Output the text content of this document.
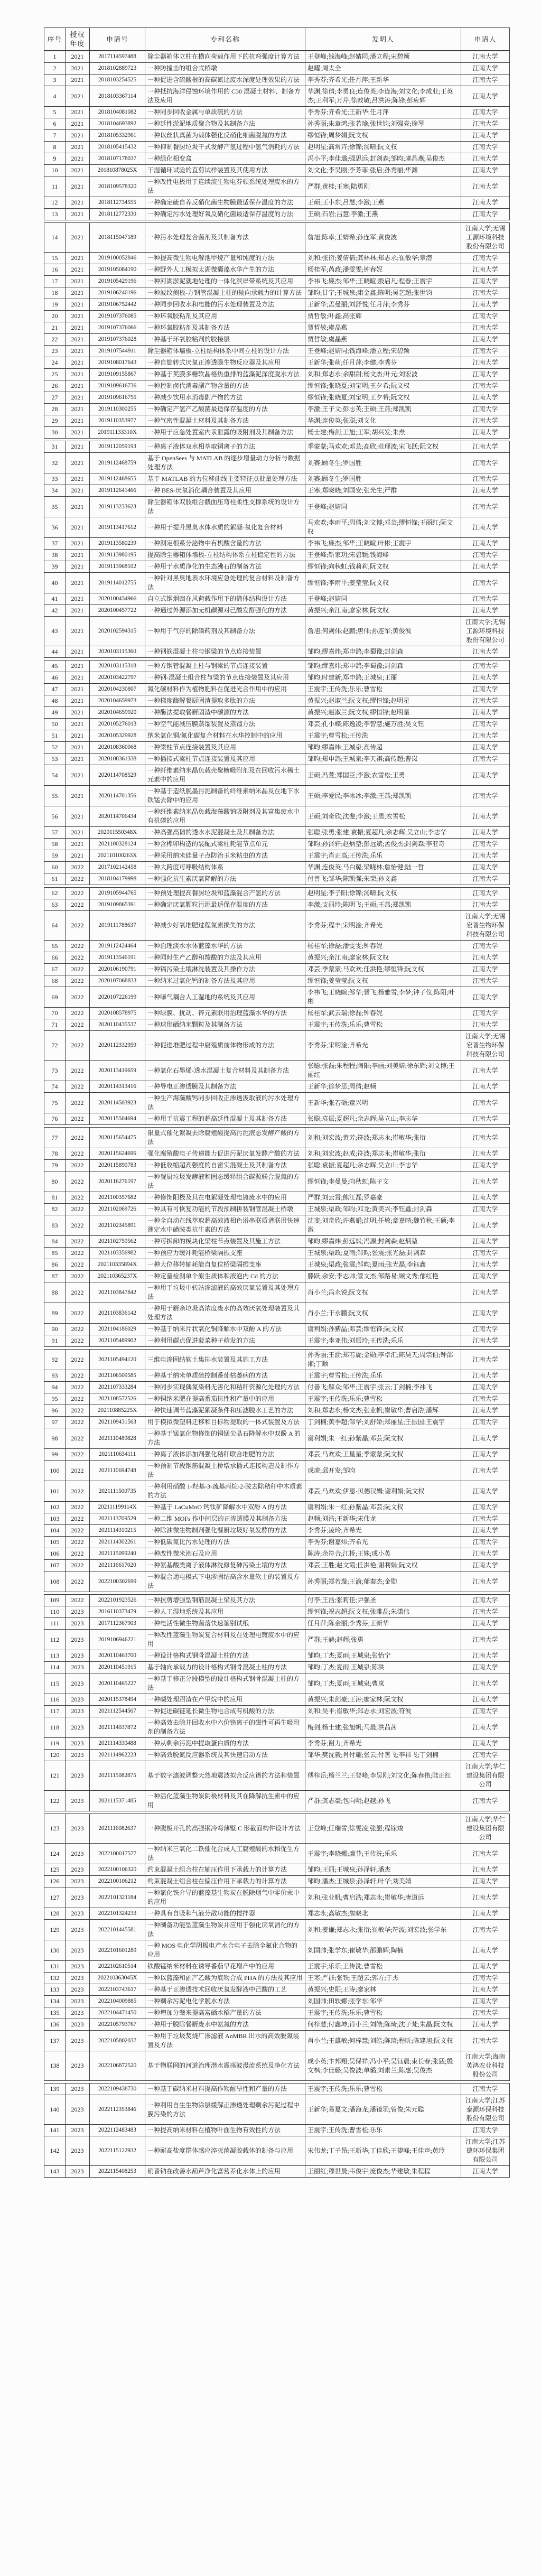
序号	授权年度	申请号	专利名称	发明人	申请人
1	2021	2017114597488	除尘器箱体立柱在横向荷载作用下的抗弯强度计算方法	王登峰;钱海峰;赵婧同;潘立程;宋碧颖	江南大学
2	2021	2018102889723	一种防撞击的组合式桥墩	赵耀;周太全	江南大学
3	2021	2018103254525	一种促进含硫酸根的高碳氮比废水深度处理效果的方法	李秀芬;齐希光;任月萍;王新华	江南大学
4	2021	2018103367114	一种抵抗海洋侵蚀环境作用的 C30 混凝土材料、制备方法及应用	华渊;徐倩;李勇良;连俊英;李连海;刘文化;李成业;王英杰;王利军;万芹;徐敦敏;吕洪涛;陈锋;彭应辉	江南大学
5	2021	2018104081082	一种同步回收金属与单质硫的方法	李秀芬;齐希光;王新华;任月萍	江南大学
6	2021	2018104693892	一种延性淤泥地质聚合物及其制备方法	孙秀丽;朱章鸿;张若瑜;张世钧;刘强亮;徐琴	江南大学
7	2021	2018105332961	一种以丝状真菌为载体强化反硝化细菌脱氮的方法	缪恒锋;周梦娟;阮文权	江南大学
8	2021	2018105415432	一种抑制餐厨垃圾干式发酵产氢过程中氢气消耗的方法	赵明星;高常卉;徐锦;汤晴;阮文权	江南大学
9	2021	2018107178037	一种绿化相变盒	冯小平;李佳璐;强思远;封剑森;邹昀;虞晶燕;吴俊杰	江南大学
10	2021	201810878025X	干湿循环试验的直剪试样装置及其使用方法	刘文化;李吴刚;李芳菲;张启;孙秀丽;华渊	江南大学
11	2021	2018109578320	一种改性电极用于连续流生物电芬顿系统处理废水的方法	严群;黄桂;王寒;陆勇刚	江南大学
12	2021	2018112734555	一种确定硫自养反硝化菌生物膜最适保存温度的方法	王硕;王小东;吕慧;李激;王燕	江南大学
13	2021	2018112772330	一种确定污水处理好氧反硝化菌最适保存温度的方法	王硕;石岩;吕慧;李激;王燕	江南大学

14	2021	2018115047189	一种污水处理复合菌剂及其制备方法	詹旭;陈卓;王婧希;孙连军;黄俊波	江南大学;无锡工源环境科技股份有限公司
15	2021	2019100052846	一种提高微生物电解池甲烷产量和纯度的方法	刘和;张衍;姜倩倩;龚林林;郑志永;崔敏华;章潜	江南大学
16	2021	2019105084190	一种野外人工模拟太湖微囊藻水华产生的方法	杨桂军;芮政;潘雯雯;钟春妮	江南大学
17	2021	2019105429196	一种河湖淤泥就地处理的一体化滨岸带系统及其应用	李祎飞;廉杰;邹华;王晓暄;殷启凡;程眷;王震宇	江南大学
18	2021	2019106240196	一种波纹侧板-方钢管混凝土柱的轴向承载力的计算方法	邹昀;甘宁;王城泉;康金鑫;陈明;吴艺超;张世钧	江南大学
19	2021	2019106752442	一种同步回收水和电能的污水处理装置及方法	王新华;孟曼丽;刘舒悦;任月萍;李秀芬	江南大学
20	2021	2019107376085	一种环氧胶粘剂及其应用	贾哲敏;叶鑫;高张辉	江南大学
21	2021	2019107376066	一种环氧胶粘剂及其制备方法	贾哲敏;虞晶燕	江南大学
22	2021	2019107376028	一种基于环氧胶粘剂的胶接层	贾哲敏;虞晶燕	江南大学
23	2021	2019107544911	除尘器箱体墙板-立柱结构体系中间立柱的设计方法	王登峰;赵婧同;钱海峰;潘立程;宋碧颖	江南大学
24	2021	2019108017643	一种自旋转式厌氧正渗透膜生物反应器及其应用	王新华;张萌;任月萍;李健;李秀芬	江南大学
25	2021	2019109155867	一种基于荚膜多糖软晶格热重排的蓝藻泥深度脱水方法	刘和;郑志永;余甜甜;杨文杰;叶元;刘宏波	江南大学
26	2021	2019109616736	一种控制卤代消毒副产物含量的方法	缪恒锋;张晓夏;刘宝明;王夕希;阮文权	江南大学
27	2021	2019109616755	一种减少饮用水消毒副产物的方法	缪恒锋;张晓夏;刘宝明;王夕希;阮文权	江南大学
28	2021	2019110300255	一种确定产氢产乙酸菌最适保存温度的方法	李激;王子文;彭志英;王硕;王燕;郑凯凯	江南大学
29	2021	2019110353977	一种气密性混凝土材料及其制备方法	华渊;连俊英;张聪;刘文化	江南大学
30	2021	201911133310X	一种用于应急处置室内汞泄露的吸附剂及其制备方法	杨士建;梅剑;王旭;王军;胡兴发;朱焘	江南大学

31	2021	2019112059193	一种离子液体双水相萃取铜离子的方法	季蒙蒙;马欢欢;邓芸;高欣;范理波;宋飞跃;阮文权	江南大学
32	2021	2019112468759	基于 OpenSees 与 MATLAB 的逐步增量动力分析与数据处理方法	刘赛;顾冬生;罗国胜	江南大学
33	2021	2019112468655	基于 MATLAB 的力位移曲线主要特征点批量处理方法	刘赛;顾冬生;罗国胜	江南大学
34	2021	2019112641466	一种 BES-厌氧消化耦合装置及其应用	王寒;郑晓晓;刘国安;张光生;严群	江南大学
35	2021	2019113233623	除尘器箱体双肢组合截面压弯柱柔性支撑系统的设计方法	王登峰;赵婧同	江南大学
36	2021	2019113417612	一种用于提升黑臭水体水质的絮凝-氧化复合材料	马欢欢;李雨平;周倩;刘文博;邓芸;缪恒锋;王丽红;阮文权	江南大学
37	2021	2019113580239	一种测定根系分泌物中有机酸含量的方法	李祎飞;廉杰;邹华;王晓暄;叶彬;王震宇	江南大学
38	2021	2019113980195	提高除尘器箱体墙板-立柱结构体系立柱稳定性的方法	王登峰;靳家玥;宋碧颖;钱海峰	江南大学
39	2021	2019113968102	一种用于水质净化的生态沸石的制备方法	缪恒锋;向秋虹;钱莉莉;阮文权	江南大学
40	2021	2019114012755	一种针对黑臭地表水环境应急处理的复合材料及制备方法	缪恒锋;李雨平;姜莹莹;阮文权	江南大学
41	2021	2020100434966	自立式钢烟囱在风荷载作用下的筒体结构设计方法	王登峰;赵婧同	江南大学
42	2021	2020100457722	一种通过外源添加无机碳源对己酸发酵强化的方法	黄振兴;余江南;廖家林;阮文权	江南大学
43	2021	2020102594315	一种用于气浮的除磷药剂及其制备方法	詹旭;何剑伟;赵鹏;唐伟;孙连军;黄俊波	江南大学;无锡工源环境科技股份有限公司
44	2021	2020103115360	一种钢筋混凝土柱与钢梁的节点连接装置	邹昀;缪嘉炜;郑申鸽;李蜀豫;封剑森	江南大学

45	2021	2020103115318	一种方钢管混凝土柱与钢梁的节点连接装置	邹昀;缪嘉炜;郑申鸽;李蜀豫;封剑森	江南大学
46	2021	2020103422797	一种钢-混凝土组合柱与梁的节点连接装置及其应用	邹昀;时建新;郑申鸽;王城泉;王丽	江南大学
47	2021	2020104230807	氮化碳材料作为植物肥料在促进光合作用中的应用	王震宇;王传洗;乐乐;曹雪松	江南大学
48	2021	2020104659973	一种梯度酶解餐厨固渣提取多肽的方法	黄振兴;赵淑兰;阮文权;缪恒锋;赵明星	江南大学
49	2021	2020104659920	一种酶法提取餐厨固渣中碳源的方法	黄振兴;赵淑兰;阮文权;缪恒锋;赵明星	江南大学
50	2021	2020105276013	一种空气能减压膜蒸馏装置及蒸馏方法	邓芸;孔小蝶;陈逸凌;李智慧;施万胜;吴文钰	江南大学
51	2021	2020105329928	纳米氧化铜/氮化碳复合材料在水华控制中的应用	王震宇;曹雪松;王传洗	江南大学
52	2021	2020108360068	一种梁柱节点连接装置及其应用	邹昀;缪嘉炜;王城泉;高传超	江南大学
53	2021	2020108361338	一种插接式梁柱节点连接装置及其应用	邹昀;郑申鸽;王城泉;李天祺;高传超;曹岚	江南大学
54	2021	2020114708529	一种纤维素纳米晶负载壳聚糖吸附剂及在回收污水稀土元素中的应用	王硕;冯萱;郑国臣;李激;农雪松;王勇	江南大学
55	2021	2020114701356	一种基于造纸脱墨污泥制备的纤维素纳米晶及在地下水铁锰去除中的应用	王硕;李爱民;李冰冰;李激;王燕;郑凯凯	江南大学
56	2021	2020114706434	一种纤维素纳米晶负载海藻酸钠吸附剂及其富集废水中有机磷的应用	王硕;刘奇欣;沈斐;李激;王勇;农雪松	江南大学
57	2021	202011550348X	一种高强高韧的透水水泥混凝土及其制备方法	张聪;张勇;张建;袁振;夏超凡;余志辉;吴立山;李志华	江南大学
58	2021	2021100328124	一种含榫卯构造的装配式梁柱耗能节点单元	邹昀;孙泽轩;赵炳堃;彭远斌;孟俊杰;封剑森;李亚奇	江南大学
59	2021	202110100263X	一种采用纳米硅量子点防治玉米粘虫的方法	王震宇;肖正高;王传洗;乐乐	江南大学
60	2022	2017102142458	一种大跨度可呼吸结构体系	华渊;连俊英;马白璐;梁晓林;詹怡健;陆一哲	江南大学
61	2022	2018104179998	一种强化抗生素厌氧降解的方法	付善飞;邹华;陈凯强;朱荣;孙文鑫	江南大学

62	2022	2019105944765	一种预处理提高餐厨垃圾和蓝藻混合产氢的方法	赵明星;李子阳;徐锦;汤晴;阮文权	江南大学
63	2022	2019109865391	一种确定厌氧颗粒污泥最适保存温度的方法	李激;支丽玲;陈明飞;王硕;王燕;郑凯凯	江南大学
64	2022	2019111788637	一种减少好氧堆肥过程氮素损失的方法	李秀芬;程丰;宋明淦;齐希光	江南大学;无锡宏普生物环保科技有限公司
65	2022	2019112424464	一种治理淡水水体蓝藻水华的方法	杨桂军;徐磊;潘雯雯;钟春妮	江南大学
66	2022	2019113546191	一种同时生产乙醇和羧酸的方法及其应用	黄振兴;余江南;廖家林;阮文权	江南大学
67	2022	2020106190791	一种镉污染土壤淋洗装置及其操作方法	邓芸;季蒙蒙;马欢欢;任洪艳;缪恒锋;阮文权	江南大学
68	2022	2020107068833	一种纳米过氧化钙的制备方法及其应用	缪恒锋;姜莹莹;阮文权	江南大学
69	2022	2020107226199	一种曝气耦合人工湿地的系统及其应用	李祎飞;王晓暄;邹华;晋飞;杨雅雪;李梦;钟子仪;陈阳;叶彬	江南大学
70	2022	2020108578975	一种绿膜、扰动、锌元素联用治理蓝藻水华的方法	杨桂军;武云瑞;徐磊;钟春妮	江南大学
71	2022	2020110435537	一种球形硒纳米颗粒及其制备方法	王震宇;王传洗;乐乐;曹雪松	江南大学
72	2022	2020112332959	一种促进堆肥过程中腐殖质前体物形成的方法	李秀芬;宋明淦;齐希光	江南大学;无锡宏普生物环保科技有限公司
73	2022	2020113419659	一种氧化石墨烯-透水混凝土复合材料及其制备方法	张聪;张磊;朱程程;陶阳;李画;刘美婧;徐东辉;刘文博;王丽红	江南大学
74	2022	2020114313416	一种导电正渗透膜及其制备方法	王新华;徐梦思;周倩;赵频	江南大学
75	2022	2020114503923	一种生产海藻酸钙同步回收正渗透汲取液的污水处理方法	王新华;张若砺;童兴明	江南大学
76	2022	2020115504694	一种用于抗震工程的超高延性混凝土及其制备方法	张聪;袁振;夏超凡;余志辉;吴立山;李志华	江南大学

77	2022	2020115654475	限量式催化絮凝去除腐殖酸提高污泥液态发酵产酸的方法	刘和;刘宏波;黄芳;符波;郑志永;崔敏华;张衍	江南大学
78	2022	2020115624696	强化腐殖酸电子传递能力促进污泥厌氧发酵产酸的方法	刘和;刘宏波;赵成;符波;郑志永;崔敏华;张衍	江南大学
79	2022	2020115890783	一种低收缩超高强度的自密实混凝土及其制备方法	张聪;袁振;夏超凡;余志辉;吴立山;李志华	江南大学
80	2022	2020116276197	一种餐厨垃圾发酵液和固态缓释组合碳源联合脱氮的方法	缪恒锋;李曼曼;向秋虹;陈子文	江南大学
81	2022	2021100357682	一种修饰阳极及其在电絮凝处理电镀废水中的应用	严群;刘云霄;熊江磊;罗嘉豪	江南大学
82	2022	2021102069726	一种具有可恢复功能的节段预制拼装钢管混凝土桥墩	王城泉;渠政;邹昀;邓龙;黄美兴;李钰鑫;封剑森	江南大学
83	2022	2021102345891	一种全自动在线萃取超高效液相色谱串联质谱联用快速测定水中磺胺类抗生素的方法	沈斐;刘奇欣;许燕娟;沈明;任敏;章嘉晴;魏竹秋;王硕;李激	江南大学
84	2022	2021102759562	一种可拆卸的模块化梁柱节点装置及其施工方法	邹昀;缪嘉炜;彭远斌;冯源;封剑森;赵炳堃	江南大学
85	2022	2021103356982	一种预应力缓冲耗能桥梁隔振支座	王城泉;渠政;夏雨;邹昀;张震;张光磊;封剑森	江南大学
86	2022	202110335894X	一种大位移转轴耗能自复位桥梁隔振支座	王城泉;渠政;张震;邹昀;夏雨;张光磊;李钰鑫	江南大学
87	2022	202110365237X	一种定量检测单个原生质体和液泡内 Cd 的方法	滕跃;余安;李志帅;管文杰;邹路易;顾文秀;郁红艳	江南大学
88	2022	2021103847842	一种用于垃圾中转站渗滤液的高效厌氧装置及其处理方法	肖小兰;冯永锐;阮文权	江南大学
89	2022	2021103836142	一种用于厨余垃圾高浓度废水的高效厌氧处理装置及其处理方法	肖小兰;干永鹏;阮文权	江南大学
90	2022	2021104186029	一种基于纳米片状氧化铜降解水中双酚 A 的方法	谢利娟;孙紫晶;邓芸;缪恒锋;阮文权	江南大学
91	2022	2021105489902	一种利用碳点促进菠菜种子萌发的方法	王震宇;李亚伟;刘振玲;王传洗;乐乐	江南大学

92	2022	2021105494120	三维电渗固结软土集排水装置及其施工方法	孙秀丽;王渝;郑若旋;金勋;李卓汇;陈昊天;周宗伯;钟邵湘;丁顺	江南大学
93	2022	2021106509585	一种基于纳米单质硫控制番茄枯萎病的方法	王震宇;曹雪松;王传洗;乐乐	江南大学
94	2022	2021107333284	一种同步实现偶氮染料无害化和秸秆资源化处理的方法	付善飞;解众;邹华;王震宇;张云;丁剑楠;李祎飞	江南大学
95	2022	2021108572526	一种铜纳米肥在提高番茄抗性和产量中的应用	王震宇;王传洗;乐乐;曹雪松	江南大学
96	2022	202110885225X	一种快速调节蓝藻泥絮凝条件和压滤脱水工艺的方法	刘和;郑志永;杨文杰;张业帆;崔敏华;曹启浩;潘辉	江南大学
97	2022	2021109431563	用于模拟微塑料迁移和目标物提取的一体式装置及方法	丁剑楠;黄季超;邹华;刘舒娇;郑丽星;王振国;王震宇	江南大学
98	2022	2021110489828	一种基于锰氧化物修饰的铜锰尖晶石降解水中双酚 A 的方法	谢利娟;朱一红;孙紫晶;邓芸;阮文权	江南大学
99	2022	2021110634111	一种离子液体添加剂强化秸秆联合堆肥的方法	邓芸;马欢欢;王星星;季蒙蒙;阮文权	江南大学
100	2022	2021110694748	一种预制节段钢筋混凝土桥墩承插式连接构造及制作方法	成虎;邱开发;邹昀	江南大学
101	2022	2021111500735	一种利用硝酸 1-羟基-3-巯基丙烷-2-胺去除秸秆中木质素的方法	邓芸;马欢欢;伊恩·贝德汉姆;谢利娟;阮文权	江南大学
102	2022	202111199114X	一种基于 LaCuMnO 钙钛矿降解水中双酚 A 的方法	谢利娟;朱一红;孙紫晶;邓芸;阮文权	江南大学
103	2022	2021113709529	一种二维 MOFs 作中间层的正渗透膜及其制备方法	赵频;刘浩;王新华;宋伟龙	江南大学
104	2022	2021114310215	一种除油微生物制剂强化餐厨垃圾好氧发酵的方法	李秀芬;凌玲;齐希光	江南大学
105	2022	2021114302261	一种低碳氮比污水处理的方法	李秀芬;谢嘉炜;齐希光	江南大学
106	2022	2021115099240	一种改性微米沸石及应用	陈涛;余符合;江桥;王姝;成小英	江南大学
107	2022	2021116617020	一种氨基酸类离子液体淋洗修复砷污染土壤的方法	邓芸;王胜;赵文霞;任洪艳;谢利娟;阮文权	江南大学
108	2022	2022100302699	一种混合通电模式下电渗固结高含水量软土的装置及方法	孙秀丽;郑若璇;王渝;郁秦杰;金勋	江南大学

109	2022	2022101923526	一种抗剪增强型钢筋混凝土梁及其方法	付李;王浩;张莉佳;尹强圣	江南大学
110	2023	2016110373479	一种人工湿地系统及其应用	缪恒锋;祝志超;阮文权;张雅晶;朱潇伟	江南大学
111	2023	2017112367903	一种电活性微生物菌落快速鉴别试纸	任月萍;陈金丽;李秀芬;王新华	江南大学
112	2023	2019106946221	一种改性蓝藻生物炭复合材料及在处理电镀废水中的应用	严群;王赫;赵辉;张勇	江南大学
113	2023	2020110463700	一种设计格构式钢骨混凝土柱的方法	邹昀;丁杰;夏雨;王城泉;张怡宁	江南大学
114	2023	2020110451915	基于轴向承载力的设计格构式钢骨混凝土柱的方法	邹昀;丁杰;夏雨;王城泉;陈洪	江南大学
115	2023	2020110465227	一种基于修正分段模型的设计格构式钢骨混凝土柱的方法	邹昀;丁杰;夏雨;王城泉;曹岚	江南大学
116	2023	2020115378494	一种碱处理沼渣在产甲烷中的应用	黄振兴;朱剑豪;王涛;廖家林;阮文权	江南大学
117	2023	2021112544567	一种促进碳链延长微生物电合成有机酸的方法	刘和;吴平;崔敏华;郑志永;刘宏波;符波	江南大学
118	2023	2021114037872	一种高效去除并回收水中六价铬离子的磁性可再生吸附剂的制备方法	梅剑;杨士建;张旭帆;马晨;洪茜茜	江南大学
119	2023	2021114330488	一种从剩余污泥中提取蛋白质的方法	李秀芬;谢力;齐希光	江南大学
120	2023	2021114962223	一种高效脱氮反应器系统及其快速启动方法	邹华;樊沈毅;肖付耀;张云;付善飞;李祎飞;丁剑楠	江南大学
121	2023	2021115082875	基于数字滤波调整天然地震波拟合反应谱的方法和装置	傅梓岳;杨兰兰;王登峰;李吴刚;刘文化;陈春伟;陆正红	江南大学;华仁建设集团有限公司
122	2023	2021115371485	一种活化蓝藻生物炭阴极材料及其在降解抗生素中的应用	严群;龚志豪;包向明;赵越;孙飞	江南大学

123	2023	2021116082637	一种腹板开孔的高强钢冷弯薄壁 C 形截面构件设计方法	王登峰;任瑞雪;徐雯凌;张愿;程镓竣	江南大学;华仁建设集团有限公司
124	2023	2022100017577	一种纳米三氧化二铁催化合成人工腐殖酸的水稻促生方法	王震宇;李晓娜;廉菲;王传洗;乐乐	江南大学
125	2023	2022100106320	约束混凝土组合柱在轴压作用下承载力的计算方法	邹昀;王丽;王城泉;孙泽轩;潘杰	江南大学
126	2023	2022100106212	约束混凝土组合柱在偏压作用下承载力的计算方法	邹昀;潘杰;王城泉;孙泽轩;叶华;刘美婧	江南大学
127	2023	2022101321184	一种氯化铁介导的蓝藻基生物炭在脱除烟气中零价汞中的应用	刘和;张业帆;曹启浩;郑志永;崔敏华;唐道远	江南大学
128	2023	2022101324233	一种具有自吸和气液分散功能的搅拌器	郑志永;高敏杰;詹晓北	江南大学
129	2023	2022101445581	一种制备功能型蓝藻生物炭并应用于强化厌氧消化的方法	刘和;姜谦;郑志永;张衍;崔敏华;符波;刘宏波;张学东	江南大学
130	2023	2022101601289	一种 MOS 电化学阴极电产水合电子去除全氟化合物的应用	刘国帅;张学东;崔敏华;邵鹏辉;陶楠	江南大学
131	2023	2022102610514	铁酸锰纳米材料在诱导番茄早花增产中的应用	王震宇;乐乐;王传洗;曹雪松	江南大学
132	2023	202210363045X	一种以蓝藻和副产乙酸为底物合成 PHA 的方法及其应用	王寒;严群;张铁;王超云;郭方;于杰	江南大学
133	2023	2022103743617	一种基于正渗透技术回收厌氧发酵液中己酸的工艺	黄振兴;史阳;王涛;廖家林	江南大学
134	2023	2022104009885	一种剩余污泥电化学脱水方法	刘国帅;田轶娜;张学东;邹华	江南大学
135	2023	2022104471450	一种增加分蘖来提高富硒水稻产量的方法	王震宇;王传洗;乐乐;曹雪松	江南大学
136	2023	2022105793767	一种用于脱除餐厨废水中氨氮的方法	何梓慧;付鑫坤;肖小兰;刘皓;陈琦;沈子梵;朱晶;阮文权	江南大学
137	2023	2022105802037	一种用于垃圾焚烧厂渗滤液 AnMBR 出水的高效脱氮装置及方法	肖小兰;王雄敏;何梓慧;刘皓;陈琦;程昕;陈建旭;阮文权	江南大学
138	2023	2022106872520	基于物联网的河道治理潜水震荡波漫流系统及净化方法	成小英;卞邦翔;吴保祥;冯小平;吴钰晨;束长春;张猛;殷文枫;李佳璐;吴俊波;单璐;刘素兰;陈惠;吴俊杰	江南大学;海南英鸿农业科技股份公司

139	2023	2022109438730	一种基于碳纳米材料提高作物耐旱性和产量的方法	王震宇;王传洗;乐乐;曹雪松	江南大学
140	2023	2022112353846	一种利用自生生物涂层缓解正渗透处理剩余污泥过程中膜污染的方法	王新华;易夏文;潘海龙;潘镜羽;曾俊;朱元聪	江南大学;江苏泰源环保科技股份有限公司
141	2023	2022112483483	一种提高纳米材料在植物叶面生物有效性的方法	王震宇;王传洗;曹雪松;乐乐	江南大学
142	2023	2022115122932	一种耐高盐度群体感应淬灭菌凝胶载体的制备与应用	宋伟龙;丁子昂;王新华;丁佳欣;王捷峰;王佳声;黄玲	江南大学;江苏德环环保集团有限公司
143	2023	2022115408253	硝普钠在改善水葫芦净化富营养化水体上的应用	王丽红;穆世晨;韦俊宇;庞俊杰;华建敏;朱程程	江南大学
